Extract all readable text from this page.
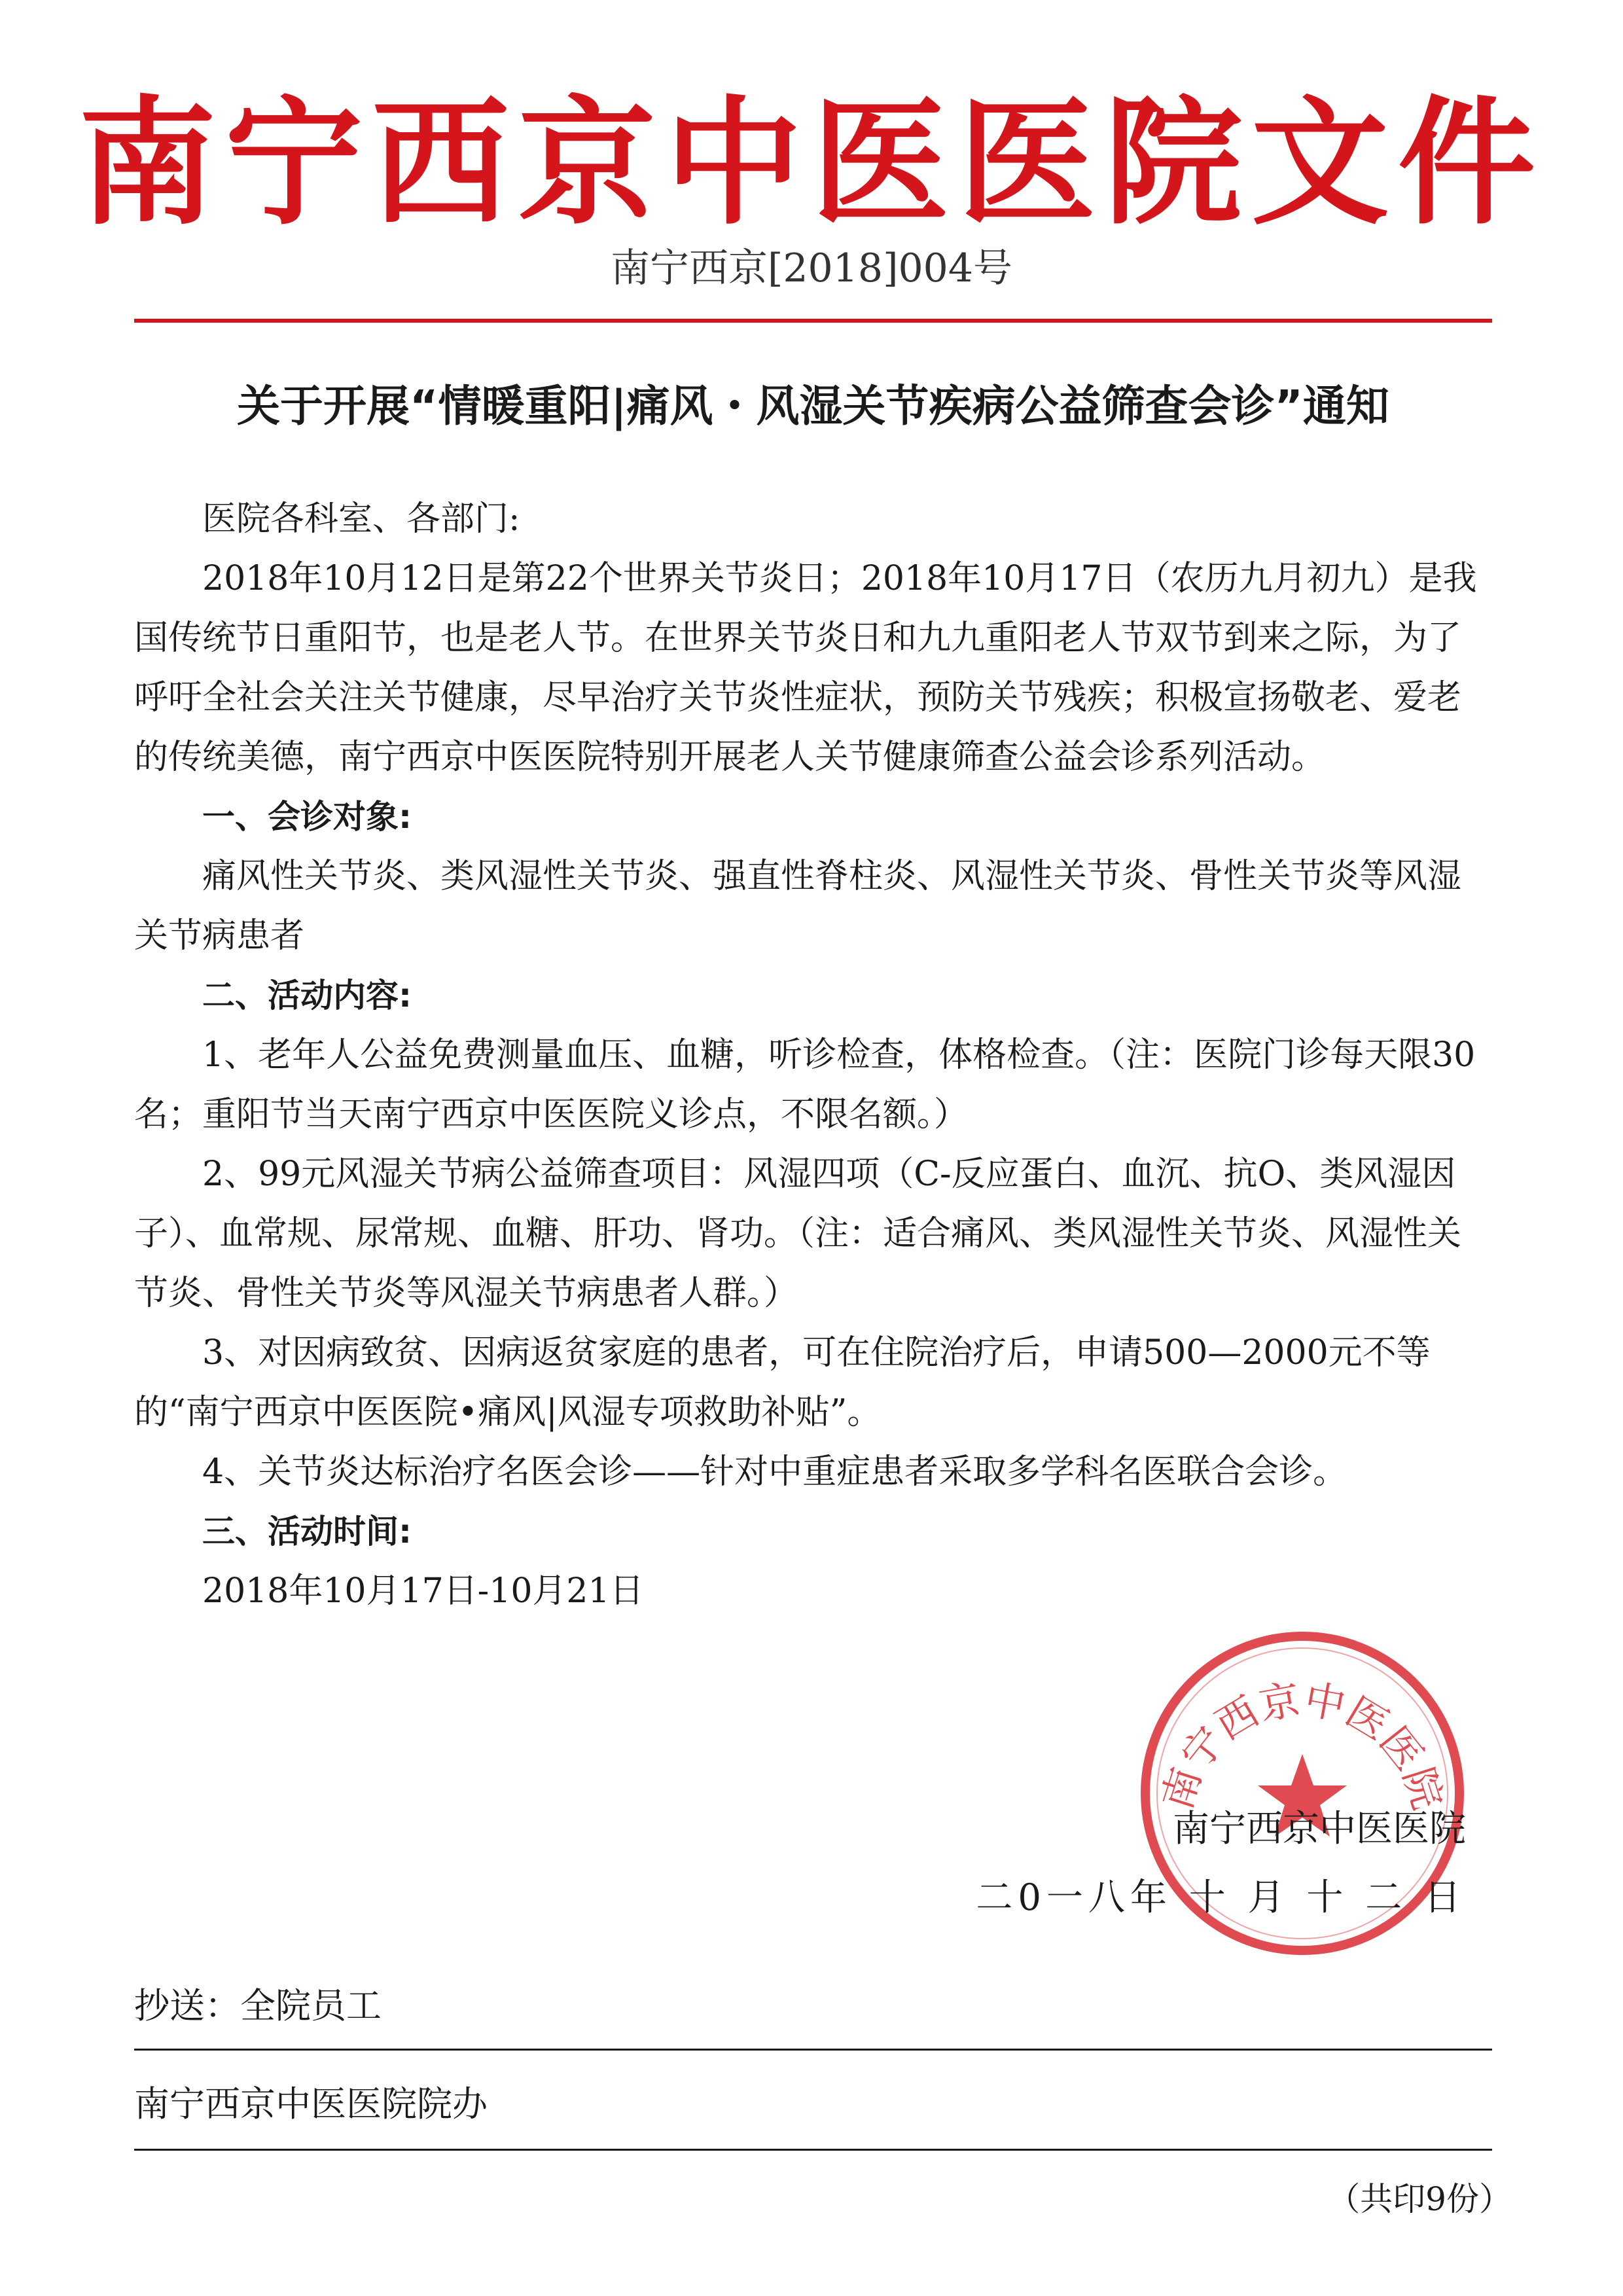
南宁西京中医医院文件
南宁西京[2018]004号
关于开展“情暖重阳|痛风・风湿关节疾病公益筛查会诊”通知

医院各科室、各部门:

2018年10月12日是第22个世界关节炎日；2018年10月17日（农历九月初九）是我国传统节日重阳节，也是老人节。在世界关节炎日和九九重阳老人节双节到来之际，为了呼吁全社会关注关节健康，尽早治疗关节炎性症状，预防关节残疾；积极宣扬敬老、爱老的传统美德，南宁西京中医医院特别开展老人关节健康筛查公益会诊系列活动。

一、会诊对象:

痛风性关节炎、类风湿性关节炎、强直性脊柱炎、风湿性关节炎、骨性关节炎等风湿关节病患者

二、活动内容:

1、老年人公益免费测量血压、血糖，听诊检查，体格检查。（注：医院门诊每天限30名；重阳节当天南宁西京中医医院义诊点，不限名额。）

2、99元风湿关节病公益筛查项目：风湿四项（C-反应蛋白、血沉、抗O、类风湿因子）、血常规、尿常规、血糖、肝功、肾功。（注：适合痛风、类风湿性关节炎、风湿性关节炎、骨性关节炎等风湿关节病患者人群。）

3、对因病致贫、因病返贫家庭的患者，可在住院治疗后，申请500—2000元不等的“南宁西京中医医院•痛风|风湿专项救助补贴”。

4、关节炎达标治疗名医会诊——针对中重症患者采取多学科名医联合会诊。

三、活动时间:

2018年10月17日-10月21日

南宁西京中医医院
南宁西京中医医院
二0一八年 十 月 十 二 日
抄送：全院员工
南宁西京中医医院院办
（共印9份）
